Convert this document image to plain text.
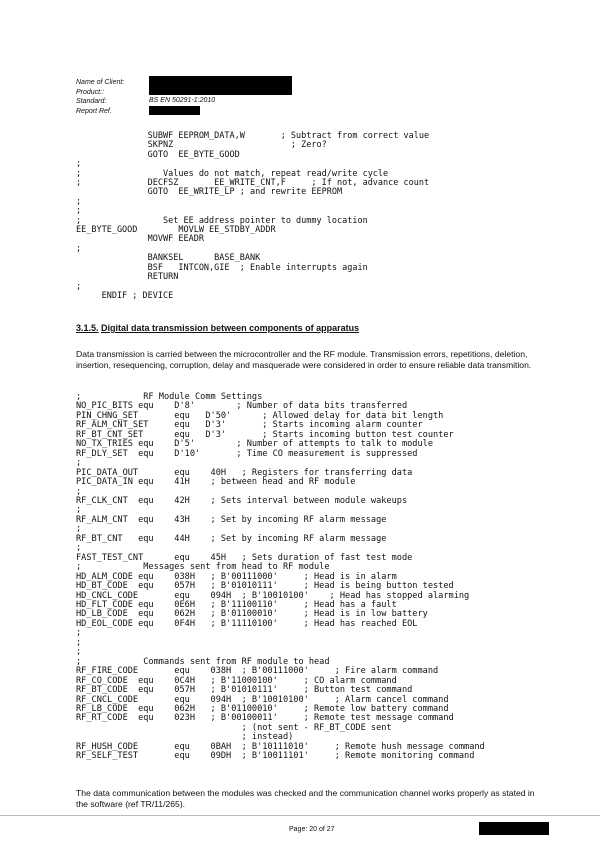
Name of Client:
Product::
Standard:
Report Ref.
BS EN 50291-1:2010
SUBWF EEPROM_DATA,W       ; Subtract from correct value
SKPNZ                       ; Zero?
GOTO  EE_BYTE_GOOD
;
;                Values do not match, repeat read/write cycle
;             DECFSZ       EE_WRITE_CNT,F     ; If not, advance count
GOTO  EE_WRITE_LP ; and rewrite EEPROM
;
;
;                Set EE address pointer to dummy location
EE_BYTE_GOOD        MOVLW EE_STDBY_ADDR
MOVWF EEADR
;
BANKSEL      BASE_BANK
BSF   INTCON,GIE  ; Enable interrupts again
RETURN
;
ENDIF ; DEVICE
3.1.5. Digital data transmission between components of apparatus
Data transmission is carried between the microcontroller and the RF module. Transmission errors, repetitions, deletion, insertion, resequencing, corruption, delay and masquerade were considered in order to ensure reliable data transmition.
;            RF Module Comm Settings
NO_PIC_BITS equ    D'8'        ; Number of data bits transferred
PIN_CHNG_SET       equ   D'50'      ; Allowed delay for data bit length
RF_ALM_CNT_SET     equ   D'3'       ; Starts incoming alarm counter
RF_BT_CNT_SET      equ   D'3'       ; Starts incoming button test counter
NO_TX_TRIES equ    D'5'        ; Number of attempts to talk to module
RF_DLY_SET  equ    D'10'       ; Time CO measurement is suppressed
;
PIC_DATA_OUT       equ    40H   ; Registers for transferring data
PIC_DATA_IN equ    41H    ; between head and RF module
;
RF_CLK_CNT  equ    42H    ; Sets interval between module wakeups
;
RF_ALM_CNT  equ    43H    ; Set by incoming RF alarm message
;
RF_BT_CNT   equ    44H    ; Set by incoming RF alarm message
;
FAST_TEST_CNT      equ    45H   ; Sets duration of fast test mode
;            Messages sent from head to RF module
HD_ALM_CODE equ    038H   ; B'00111000'     ; Head is in alarm
HD_BT_CODE  equ    057H   ; B'01010111'     ; Head is being button tested
HD_CNCL_CODE       equ    094H  ; B'10010100'    ; Head has stopped alarming
HD_FLT_CODE equ    0E6H   ; B'11100110'     ; Head has a fault
HD_LB_CODE  equ    062H   ; B'01100010'     ; Head is in low battery
HD_EOL_CODE equ    0F4H   ; B'11110100'     ; Head has reached EOL
;
;
;
;            Commands sent from RF module to head
RF_FIRE_CODE       equ    038H  ; B'00111000'     ; Fire alarm command
RF_CO_CODE  equ    0C4H   ; B'11000100'     ; CO alarm command
RF_BT_CODE  equ    057H   ; B'01010111'     ; Button test command
RF_CNCL_CODE       equ    094H  ; B'10010100'     ; Alarm cancel command
RF_LB_CODE  equ    062H   ; B'01100010'     ; Remote low battery command
RF_RT_CODE  equ    023H   ; B'00100011'     ; Remote test message command
; (not sent - RF_BT_CODE sent
; instead)
RF_HUSH_CODE       equ    0BAH  ; B'10111010'     ; Remote hush message command
RF_SELF_TEST       equ    09DH  ; B'10011101'     ; Remote monitoring command
The data communication between the modules was checked and the communication channel works properly as stated in the software (ref TR/11/265).
Page: 20 of 27
